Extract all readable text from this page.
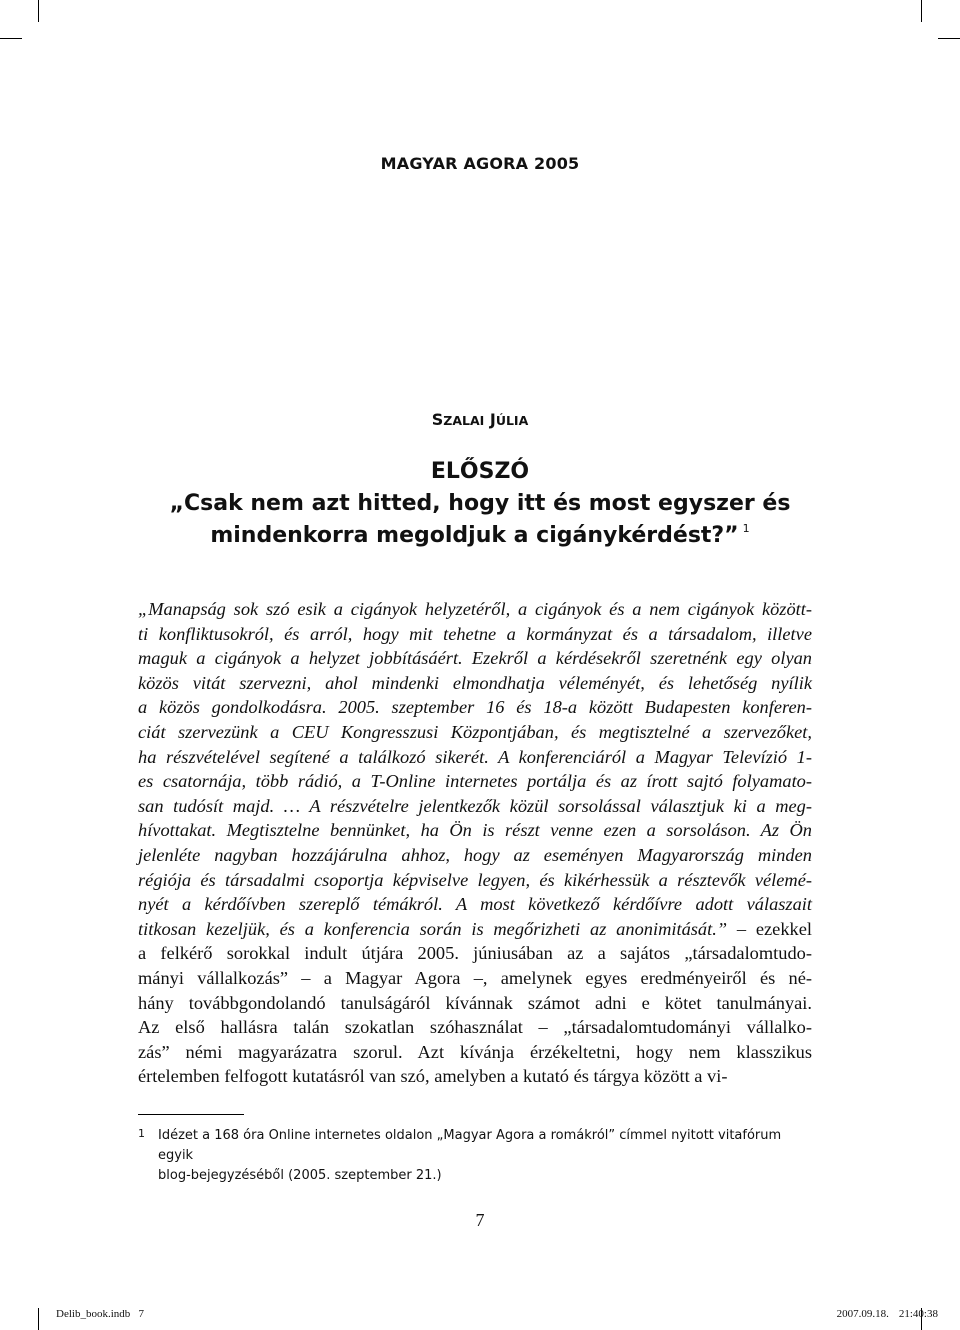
MAGYAR AGORA 2005
SZALAI JÚLIA
ELŐSZÓ
„Csak nem azt hitted, hogy itt és most egyszer és
mindenkorra megoldjuk a cigánykérdést?” $^1$

„Manapság sok szó esik a cigányok helyzetéről, a cigányok és a nem cigányok között-

ti konfliktusokról, és arról, hogy mit tehetne a kormányzat és a társadalom, illetve

maguk a cigányok a helyzet jobbításáért. Ezekről a kérdésekről szeretnénk egy olyan

közös vitát szervezni, ahol mindenki elmondhatja véleményét, és lehetőség nyílik

a közös gondolkodásra. 2005. szeptember 16 és 18-a között Budapesten konferen-

ciát szervezünk a CEU Kongresszusi Központjában, és megtisztelné a szervezőket,

ha részvételével segítené a találkozó sikerét. A konferenciáról a Magyar Televízió 1-

es csatornája, több rádió, a T-Online internetes portálja és az írott sajtó folyamato-

san tudósít majd. … A részvételre jelentkezők közül sorsolással választjuk ki a meg-

hívottakat. Megtisztelne bennünket, ha Ön is részt venne ezen a sorsoláson. Az Ön

jelenléte nagyban hozzájárulna ahhoz, hogy az eseményen Magyarország minden

régiója és társadalmi csoportja képviselve legyen, és kikérhessük a résztevők vélemé-

nyét a kérdőívben szereplő témákról. A most következő kérdőívre adott válaszait

titkosan kezeljük, és a konferencia során is megőrizheti az anonimitását.” – ezekkel

a felkérő sorokkal indult útjára 2005. júniusában az a sajátos „társadalomtudo-

mányi vállalkozás” – a Magyar Agora –, amelynek egyes eredményeiről és né-

hány továbbgondolandó tanulságáról kívánnak számot adni e kötet tanulmányai.

Az első hallásra talán szokatlan szóhasználat – „társadalomtudományi vállalko-

zás” némi magyarázatra szorul. Azt kívánja érzékeltetni, hogy nem klasszikus

értelemben felfogott kutatásról van szó, amelyben a kutató és tárgya között a vi-

1 Idézet a 168 óra Online internetes oldalon „Magyar Agora a romákról” címmel nyitott vitafórum egyik
blog-bejegyzéséből (2005. szeptember 21.)
7
Delib_book.indb   7	2007.09.18. 21:40:38
